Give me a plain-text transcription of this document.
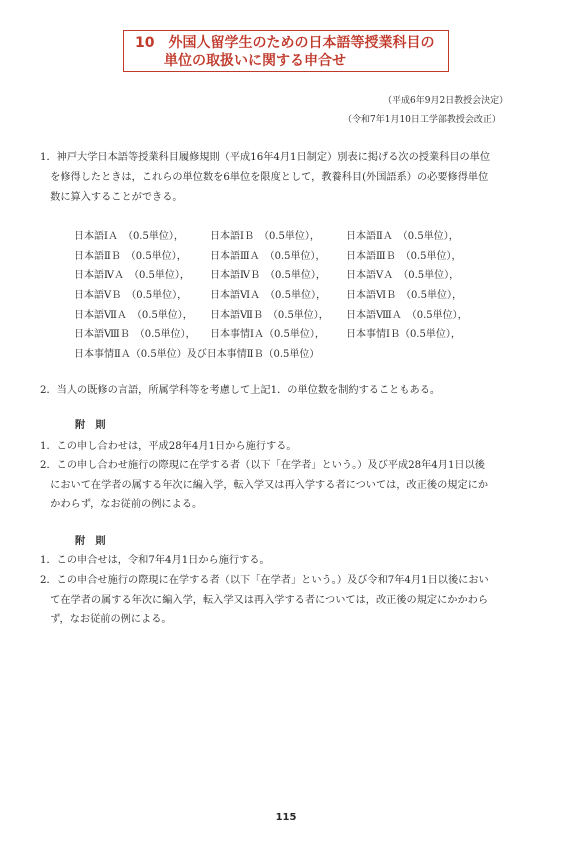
10　外国人留学生のための日本語等授業科目の
単位の取扱いに関する申合せ
（平成6年9月2日教授会決定）
（令和7年1月10日工学部教授会改正）
1．神戸大学日本語等授業科目履修規則（平成16年4月1日制定）別表に掲げる次の授業科目の単位
　を修得したときは，これらの単位数を6単位を限度として，教養科目(外国語系）の必要修得単位
　数に算入することができる。
日本語ⅠＡ　（0.5単位），	日本語ⅠＢ　（0.5単位），	日本語ⅡＡ　（0.5単位），
日本語ⅡＢ　（0.5単位）， 日本語ⅢＡ　（0.5単位）， 日本語ⅢＢ　（0.5単位），
日本語ⅣＡ　（0.5単位）， 日本語ⅣＢ　（0.5単位）， 日本語ⅤＡ　（0.5単位），
日本語ⅤＢ　（0.5単位）， 日本語ⅥＡ　（0.5単位）， 日本語ⅥＢ　（0.5単位），
日本語ⅦＡ　（0.5単位）， 日本語ⅦＢ　（0.5単位）， 日本語ⅧＡ　（0.5単位），
日本語ⅧＢ　（0.5単位）， 日本事情ⅠＡ（0.5単位）， 日本事情ⅠＢ（0.5単位），
日本事情ⅡＡ（0.5単位）及び日本事情ⅡＢ（0.5単位）
2．当人の既修の言語，所属学科等を考慮して上記1．の単位数を制約することもある。
附　則
1．この申し合わせは，平成28年4月1日から施行する。
2．この申し合わせ施行の際現に在学する者（以下「在学者」という。）及び平成28年4月1日以後
　において在学者の属する年次に編入学，転入学又は再入学する者については，改正後の規定にか
　かわらず，なお従前の例による。
附　則
1．この申合せは，令和7年4月1日から施行する。
2．この申合せ施行の際現に在学する者（以下「在学者」という。）及び令和7年4月1日以後におい
　て在学者の属する年次に編入学，転入学又は再入学する者については，改正後の規定にかかわら
　ず，なお従前の例による。
115
